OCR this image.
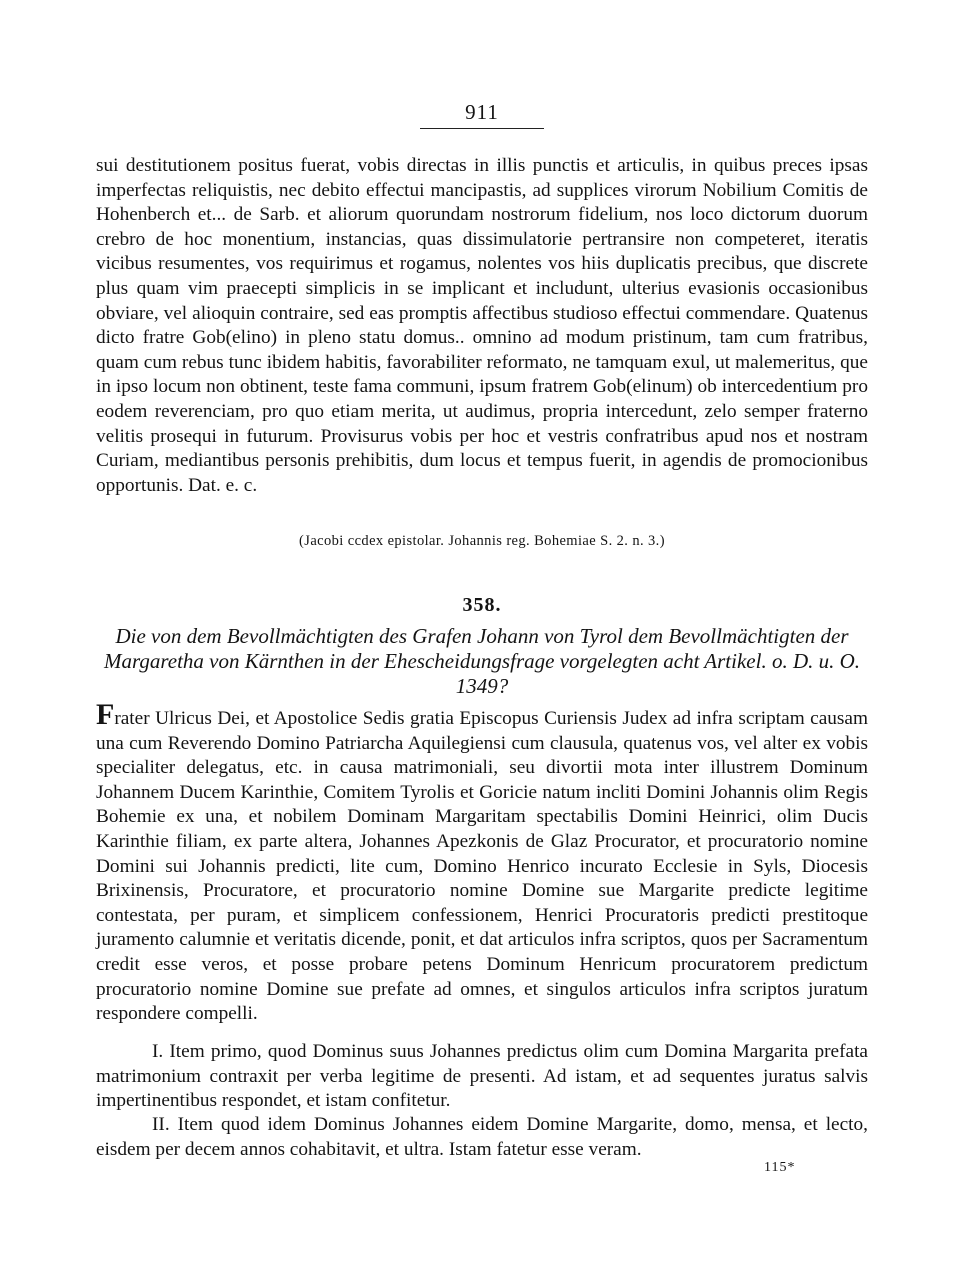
911

sui destitutionem positus fuerat, vobis directas in illis punctis et articulis, in quibus preces ipsas imperfectas reliquistis, nec debito effectui mancipastis, ad supplices virorum Nobilium Comitis de Hohenberch et... de Sarb. et aliorum quorundam nostrorum fidelium, nos loco dictorum duorum crebro de hoc monentium, instancias, quas dissimulatorie pertransire non competeret, iteratis vicibus resumentes, vos requirimus et rogamus, nolentes vos hiis duplicatis precibus, que discrete plus quam vim praecepti simplicis in se implicant et includunt, ulterius evasionis occasionibus obviare, vel alioquin contraire, sed eas promptis affectibus studioso effectui commendare. Quatenus dicto fratre Gob(elino) in pleno statu domus.. omnino ad modum pristinum, tam cum fratribus, quam cum rebus tunc ibidem habitis, favorabiliter reformato, ne tamquam exul, ut malemeritus, que in ipso locum non obtinent, teste fama communi, ipsum fratrem Gob(elinum) ob intercedentium pro eodem reverenciam, pro quo etiam merita, ut audimus, propria intercedunt, zelo semper fraterno velitis prosequi in futurum. Provisurus vobis per hoc et vestris confratribus apud nos et nostram Curiam, mediantibus personis prehibitis, dum locus et tempus fuerit, in agendis de promocionibus opportunis. Dat. e. c.

(Jacobi ccdex epistolar. Johannis reg. Bohemiae S. 2. n. 3.)

358.

Die von dem Bevollmächtigten des Grafen Johann von Tyrol dem Bevollmächtigten der Margaretha von Kärnthen in der Ehescheidungsfrage vorgelegten acht Artikel. o. D. u. O. 1349?

Frater Ulricus Dei, et Apostolice Sedis gratia Episcopus Curiensis Judex ad infra scriptam causam una cum Reverendo Domino Patriarcha Aquilegiensi cum clausula, quatenus vos, vel alter ex vobis specialiter delegatus, etc. in causa matrimoniali, seu divortii mota inter illustrem Dominum Johannem Ducem Karinthie, Comitem Tyrolis et Goricie natum incliti Domini Johannis olim Regis Bohemie ex una, et nobilem Dominam Margaritam spectabilis Domini Heinrici, olim Ducis Karinthie filiam, ex parte altera, Johannes Apezkonis de Glaz Procurator, et procuratorio nomine Domini sui Johannis predicti, lite cum, Domino Henrico incurato Ecclesie in Syls, Diocesis Brixinensis, Procuratore, et procuratorio nomine Domine sue Margarite predicte legitime contestata, per puram, et simplicem confessionem, Henrici Procuratoris predicti prestitoque juramento calumnie et veritatis dicende, ponit, et dat articulos infra scriptos, quos per Sacramentum credit esse veros, et posse probare petens Dominum Henricum procuratorem predictum procuratorio nomine Domine sue prefate ad omnes, et singulos articulos infra scriptos juratum respondere compelli.

I. Item primo, quod Dominus suus Johannes predictus olim cum Domina Margarita prefata matrimonium contraxit per verba legitime de presenti. Ad istam, et ad sequentes juratus salvis impertinentibus respondet, et istam confitetur.

II. Item quod idem Dominus Johannes eidem Domine Margarite, domo, mensa, et lecto, eisdem per decem annos cohabitavit, et ultra. Istam fatetur esse veram.

115*
